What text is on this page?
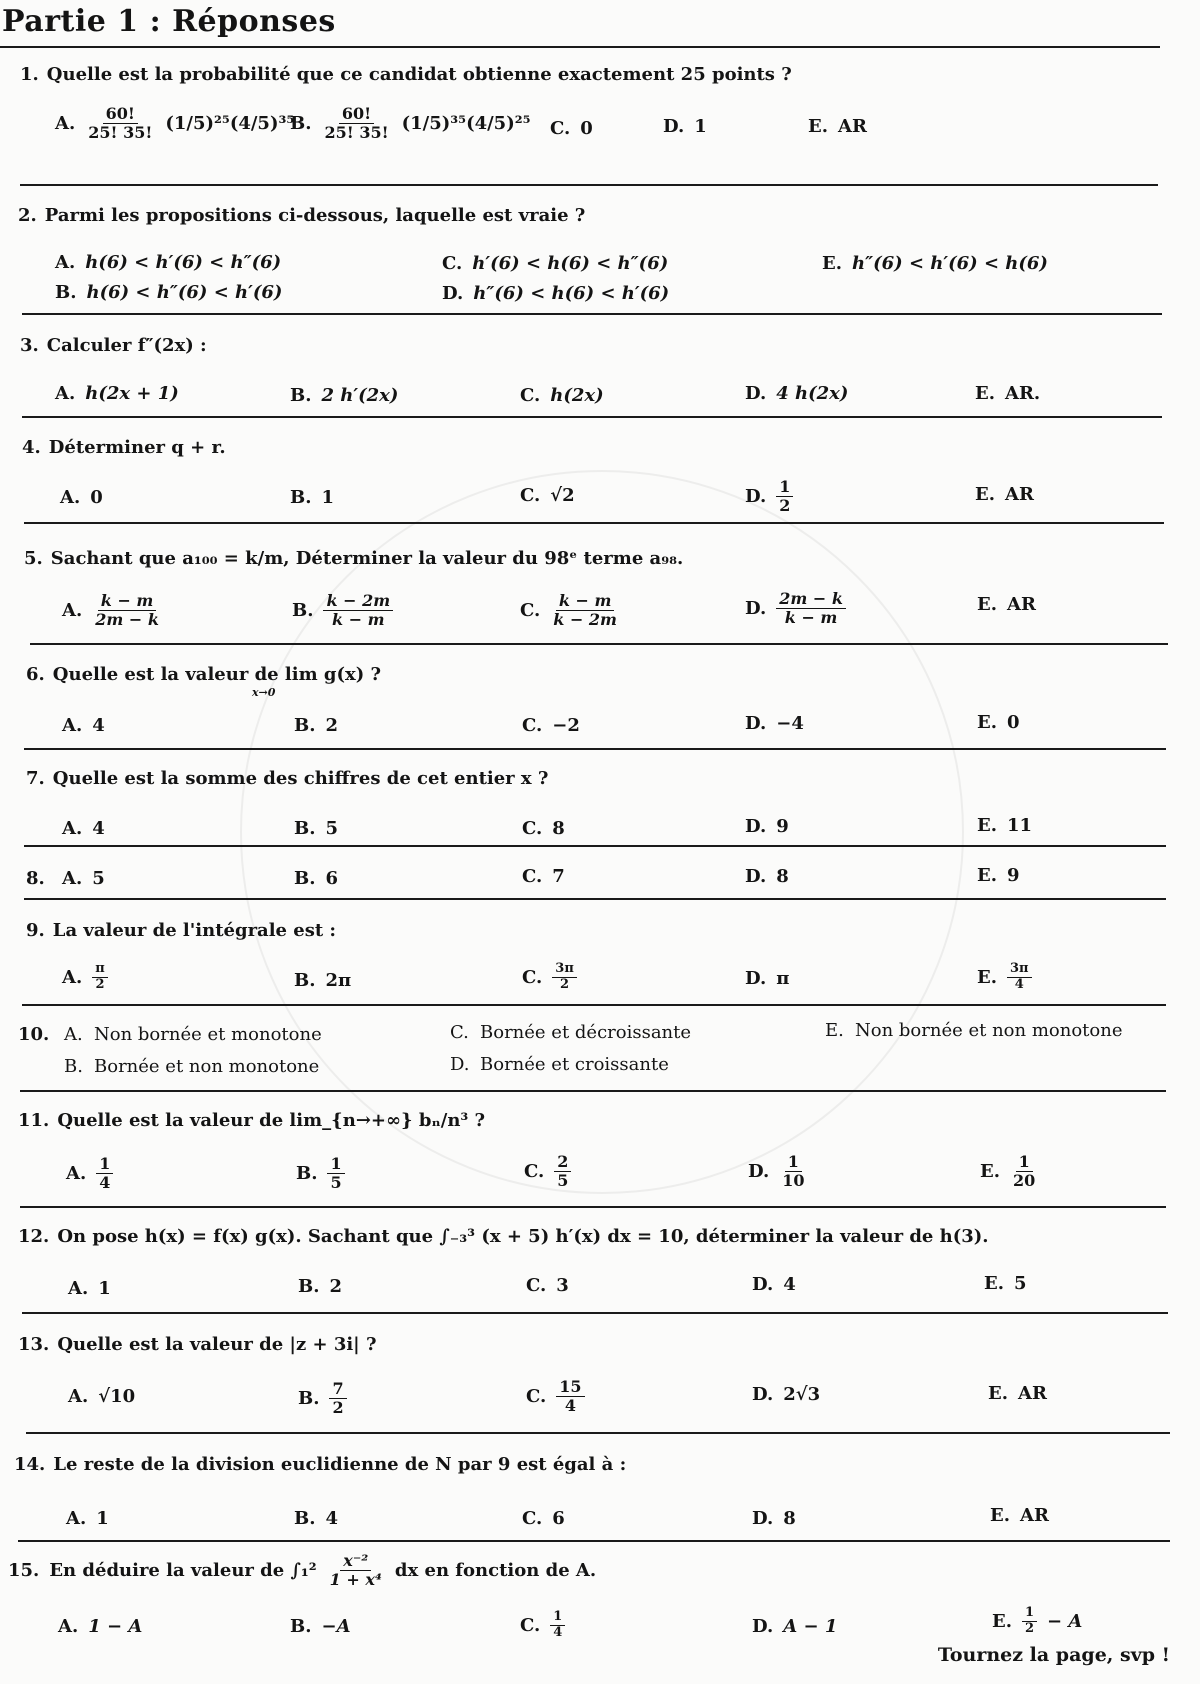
Partie 1 : Réponses
1. Quelle est la probabilité que ce candidat obtienne exactement 25 points ?
A. $\frac{60!}{25! 35!} (1/5)^{25}(4/5)^{35}$
B. $\frac{60!}{25! 35!} (1/5)^{35}(4/5)^{25}$ C. 0	D. 1	E. AR
2. Parmi les propositions ci-dessous, laquelle est vraie ?
A. h(6) < h′(6) < h″(6)
B. h(6) < h″(6) < h′(6)
C. h′(6) < h(6) < h″(6)
D. h″(6) < h(6) < h′(6)
E. h″(6) < h′(6) < h(6)
3. Calculer f″(2x) :
A. h(2x + 1)	B. 2 h′(2x)	C. h(2x)	D. 4 h(2x)	E. AR.
4. Déterminer q + r.
A. 0	B. 1	C. √2	D. $\frac{1}{2}$	E. AR
5. Sachant que a₁₀₀ = k/m, Déterminer la valeur du 98ᵉ terme a₉₈.
A. $\frac{k - m}{2m - k}$	B. $\frac{k - 2m}{k - m}$	C. $\frac{k - m}{k - 2m}$	D. $\frac{2m - k}{k - m}$	E. AR
6. Quelle est la valeur de lim g(x) ?
x→0
A. 4	B. 2	C. −2	D. −4	E. 0
7. Quelle est la somme des chiffres de cet entier x ?
A. 4	B. 5	C. 8	D. 9	E. 11
8. A. 5	B. 6	C. 7	D. 8	E. 9
9. La valeur de l'intégrale est :
A. $\frac{\pi}{2}$	B. 2π	C. $\frac{3\pi}{2}$	D. π	E. $\frac{3\pi}{4}$
10. A. Non bornée et monotone
B. Bornée et non monotone
C. Bornée et décroissante
D. Bornée et croissante
E. Non bornée et non monotone
11. Quelle est la valeur de lim_{n→+∞} bₙ/n³ ?
A. $\frac{1}{4}$	B. $\frac{1}{5}$	C. $\frac{2}{5}$	D. $\frac{1}{10}$	E. $\frac{1}{20}$
12. On pose h(x) = f(x) g(x). Sachant que ∫₋₃³ (x + 5) h′(x) dx = 10, déterminer la valeur de h(3).
A. 1	B. 2	C. 3	D. 4	E. 5
13. Quelle est la valeur de |z + 3i| ?
A. √10	B. $\frac{7}{2}$	C. $\frac{15}{4}$	D. 2√3	E. AR
14. Le reste de la division euclidienne de N par 9 est égal à :
A. 1	B. 4	C. 6	D. 8	E. AR
15. En déduire la valeur de $\int_1^2 \frac{\text{x⁻²}}{\text{1 + x⁴}}$ dx en fonction de A.
A. 1 − A	B. −A	C. $\frac{1}{4}$	D. A − 1	E. $\frac{1}{2} - A$
Tournez la page, svp !
